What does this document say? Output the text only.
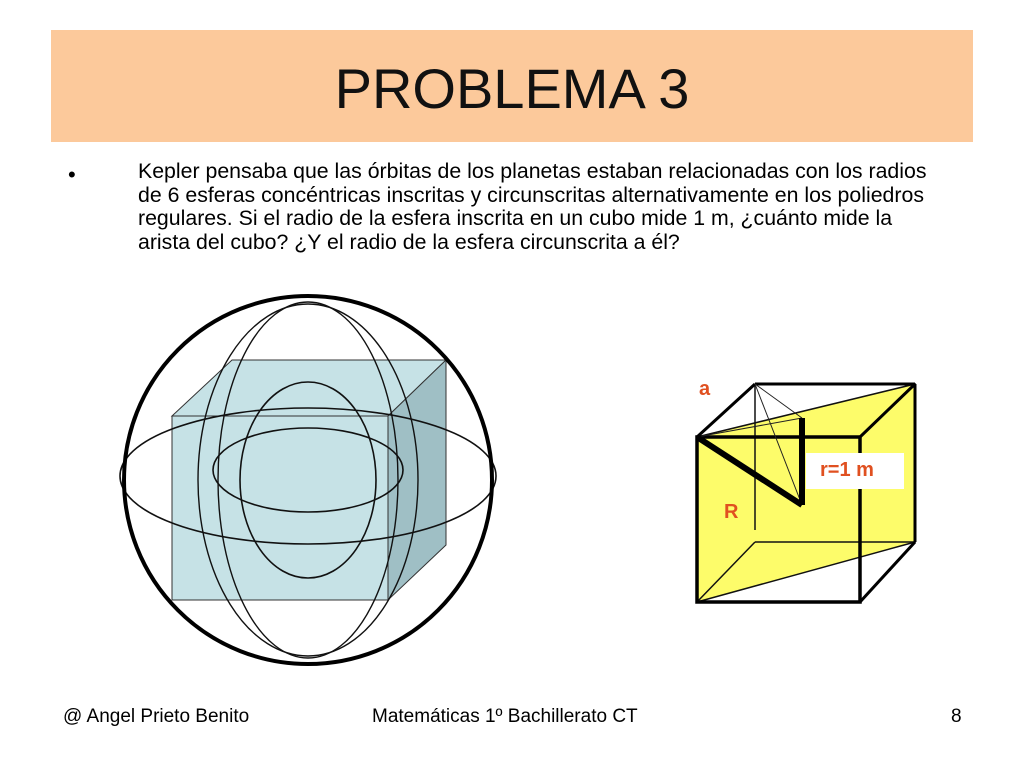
PROBLEMA 3
•	Kepler pensaba que las órbitas de los planetas estaban relacionadas con los radios de 6 esferas concéntricas inscritas y circunscritas alternativamente en los poliedros regulares. Si el radio de la esfera inscrita en un cubo mide 1 m, ¿cuánto mide la arista del cubo? ¿Y el radio de la esfera circunscrita a él?

a
r=1 m
R
@ Angel Prieto Benito	Matemáticas 1º Bachillerato CT	8
